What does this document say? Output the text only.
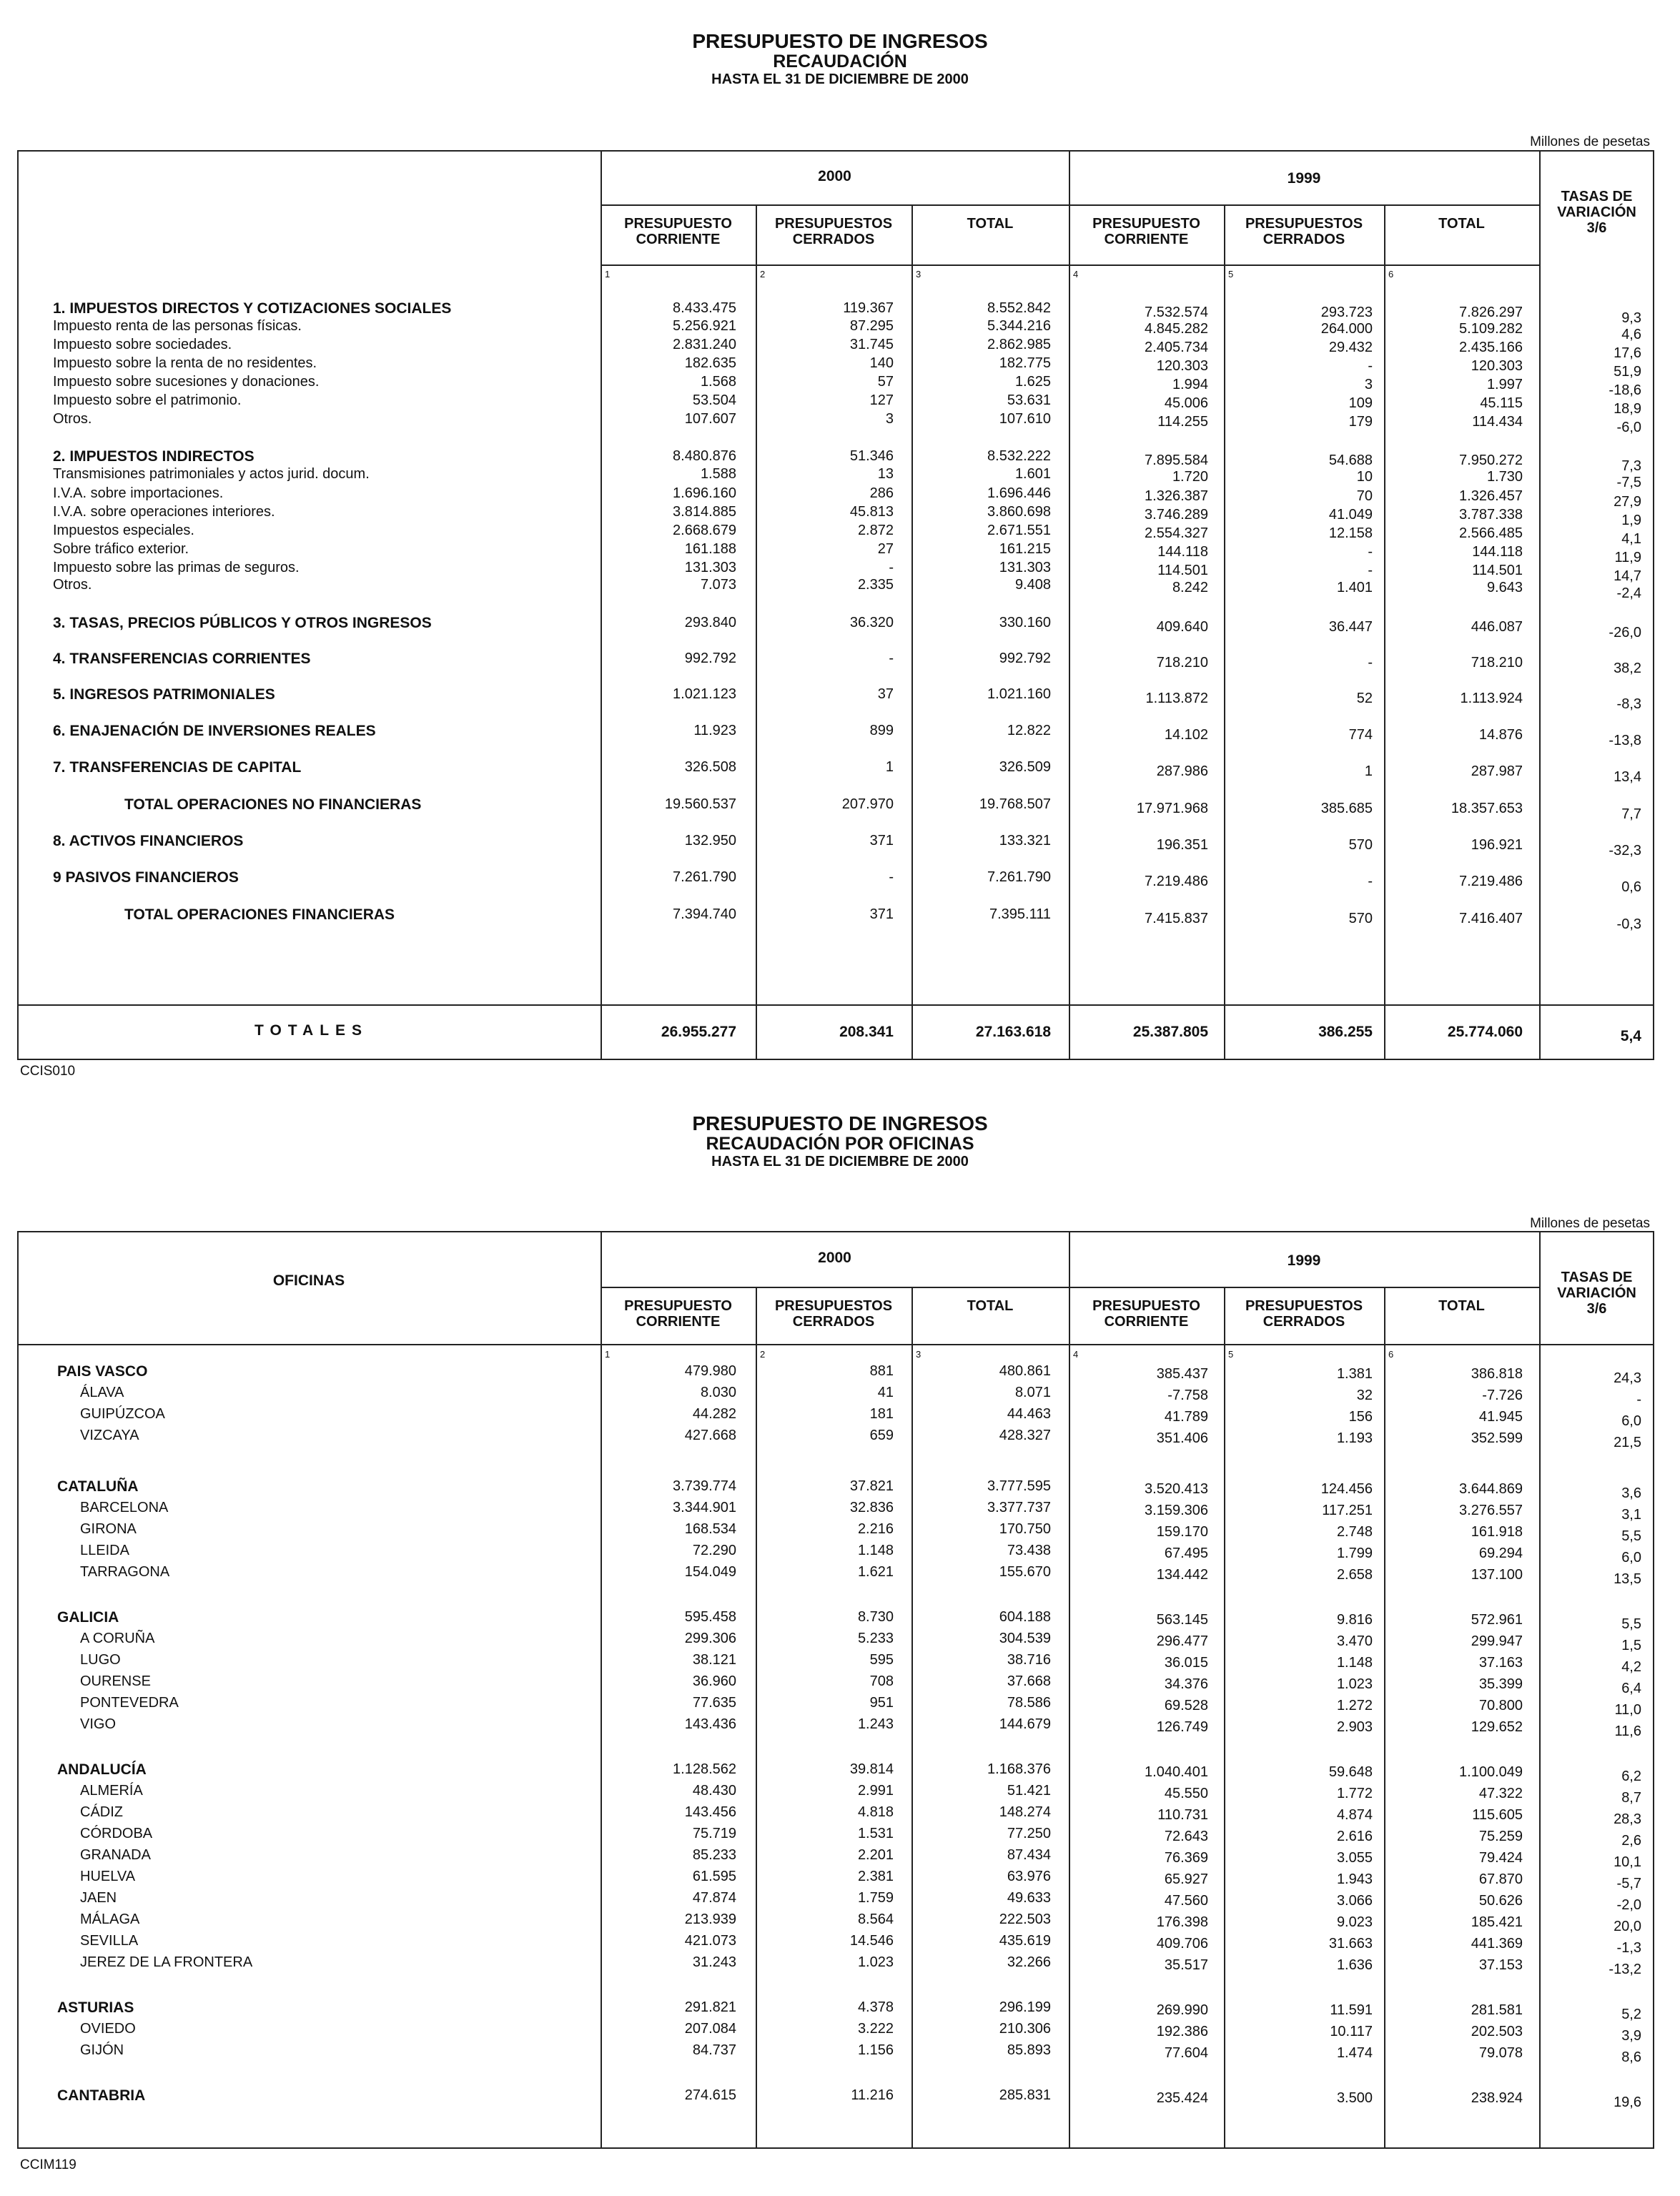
PRESUPUESTO DE INGRESOS
RECAUDACIÓN
HASTA EL 31 DE DICIEMBRE DE 2000
Millones de pesetas
2000	1999
PRESUPUESTO
CORRIENTE
PRESUPUESTOS
CERRADOS
TOTAL	PRESUPUESTO
CORRIENTE
PRESUPUESTOS
CERRADOS
TOTAL
1	2	3	4	5	6
TASAS DE
VARIACIÓN
3/6
1. IMPUESTOS DIRECTOS Y COTIZACIONES SOCIALES	8.433.475	119.367	8.552.842	7.532.574	293.723	7.826.297	9,3
Impuesto renta de las personas físicas.	5.256.921	87.295	5.344.216	4.845.282	264.000	5.109.282	4,6
Impuesto sobre sociedades.	2.831.240	31.745	2.862.985	2.405.734	29.432	2.435.166	17,6
Impuesto sobre la renta de no residentes.	182.635	140	182.775	120.303	-	120.303	51,9
Impuesto sobre sucesiones y donaciones.	1.568	57	1.625	1.994	3	1.997	-18,6
Impuesto sobre el patrimonio.	53.504	127	53.631	45.006	109	45.115	18,9
Otros.	107.607	3	107.610	114.255	179	114.434	-6,0
2. IMPUESTOS INDIRECTOS	8.480.876	51.346	8.532.222	7.895.584	54.688	7.950.272	7,3
Transmisiones patrimoniales y actos jurid. docum.	1.588	13	1.601	1.720	10	1.730	-7,5
I.V.A. sobre importaciones.	1.696.160	286	1.696.446	1.326.387	70	1.326.457	27,9
I.V.A. sobre operaciones interiores.	3.814.885	45.813	3.860.698	3.746.289	41.049	3.787.338	1,9
Impuestos especiales.	2.668.679	2.872	2.671.551	2.554.327	12.158	2.566.485	4,1
Sobre tráfico exterior.	161.188	27	161.215	144.118	-	144.118	11,9
Impuesto sobre las primas de seguros.	131.303	-	131.303	114.501	-	114.501	14,7
Otros.	7.073	2.335	9.408	8.242	1.401	9.643	-2,4
3. TASAS, PRECIOS PÚBLICOS Y OTROS INGRESOS	293.840	36.320	330.160	409.640	36.447	446.087	-26,0
4. TRANSFERENCIAS CORRIENTES	992.792	-	992.792	718.210	-	718.210	38,2
5. INGRESOS PATRIMONIALES	1.021.123	37	1.021.160	1.113.872	52	1.113.924	-8,3
6. ENAJENACIÓN DE INVERSIONES REALES	11.923	899	12.822	14.102	774	14.876	-13,8
7. TRANSFERENCIAS DE CAPITAL	326.508	1	326.509	287.986	1	287.987	13,4
TOTAL OPERACIONES NO FINANCIERAS	19.560.537	207.970	19.768.507	17.971.968	385.685	18.357.653	7,7
8. ACTIVOS FINANCIEROS	132.950	371	133.321	196.351	570	196.921	-32,3
9 PASIVOS FINANCIEROS	7.261.790	-	7.261.790	7.219.486	-	7.219.486	0,6
TOTAL OPERACIONES FINANCIERAS	7.394.740	371	7.395.111	7.415.837	570	7.416.407	-0,3
TOTALES	26.955.277	208.341	27.163.618	25.387.805	386.255	25.774.060	5,4
CCIS010
PRESUPUESTO DE INGRESOS
RECAUDACIÓN POR OFICINAS
HASTA EL 31 DE DICIEMBRE DE 2000
Millones de pesetas
OFICINAS
2000	1999
PRESUPUESTO
CORRIENTE
PRESUPUESTOS
CERRADOS
TOTAL	PRESUPUESTO
CORRIENTE
PRESUPUESTOS
CERRADOS
TOTAL
1	2	3	4	5	6
TASAS DE
VARIACIÓN
3/6
PAIS VASCO	479.980	881	480.861	385.437	1.381	386.818	24,3
ÁLAVA	8.030	41	8.071	-7.758	32	-7.726	-
GUIPÚZCOA	44.282	181	44.463	41.789	156	41.945	6,0
VIZCAYA	427.668	659	428.327	351.406	1.193	352.599	21,5
CATALUÑA	3.739.774	37.821	3.777.595	3.520.413	124.456	3.644.869	3,6
BARCELONA	3.344.901	32.836	3.377.737	3.159.306	117.251	3.276.557	3,1
GIRONA	168.534	2.216	170.750	159.170	2.748	161.918	5,5
LLEIDA	72.290	1.148	73.438	67.495	1.799	69.294	6,0
TARRAGONA	154.049	1.621	155.670	134.442	2.658	137.100	13,5
GALICIA	595.458	8.730	604.188	563.145	9.816	572.961	5,5
A CORUÑA	299.306	5.233	304.539	296.477	3.470	299.947	1,5
LUGO	38.121	595	38.716	36.015	1.148	37.163	4,2
OURENSE	36.960	708	37.668	34.376	1.023	35.399	6,4
PONTEVEDRA	77.635	951	78.586	69.528	1.272	70.800	11,0
VIGO	143.436	1.243	144.679	126.749	2.903	129.652	11,6
ANDALUCÍA	1.128.562	39.814	1.168.376	1.040.401	59.648	1.100.049	6,2
ALMERÍA	48.430	2.991	51.421	45.550	1.772	47.322	8,7
CÁDIZ	143.456	4.818	148.274	110.731	4.874	115.605	28,3
CÓRDOBA	75.719	1.531	77.250	72.643	2.616	75.259	2,6
GRANADA	85.233	2.201	87.434	76.369	3.055	79.424	10,1
HUELVA	61.595	2.381	63.976	65.927	1.943	67.870	-5,7
JAEN	47.874	1.759	49.633	47.560	3.066	50.626	-2,0
MÁLAGA	213.939	8.564	222.503	176.398	9.023	185.421	20,0
SEVILLA	421.073	14.546	435.619	409.706	31.663	441.369	-1,3
JEREZ DE LA FRONTERA	31.243	1.023	32.266	35.517	1.636	37.153	-13,2
ASTURIAS	291.821	4.378	296.199	269.990	11.591	281.581	5,2
OVIEDO	207.084	3.222	210.306	192.386	10.117	202.503	3,9
GIJÓN	84.737	1.156	85.893	77.604	1.474	79.078	8,6
CANTABRIA	274.615	11.216	285.831	235.424	3.500	238.924	19,6
CCIM119
